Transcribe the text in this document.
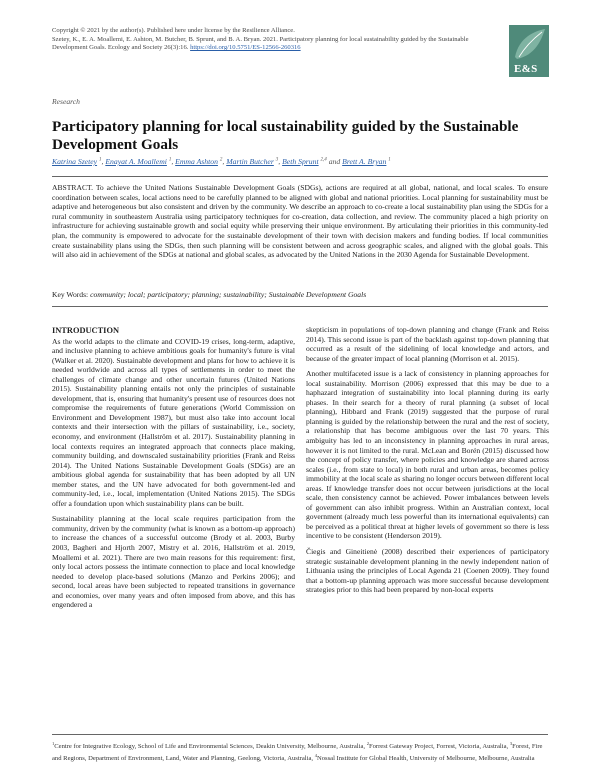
Copyright © 2021 by the author(s). Published here under license by the Resilience Alliance.
Szetey, K., E. A. Moallemi, E. Ashton, M. Butcher, B. Sprunt, and B. A. Bryan. 2021. Participatory planning for local sustainability guided by the Sustainable Development Goals. Ecology and Society 26(3):16. https://doi.org/10.5751/ES-12566-260316
E&S
Research
Participatory planning for local sustainability guided by the Sustainable Development Goals
Katrina Szetey $^1$, Enayat A. Moallemi $^1$, Emma Ashton $^2$, Martin Butcher $^3$, Beth Sprunt $^{2,4}$ and Brett A. Bryan $^1$

ABSTRACT. To achieve the United Nations Sustainable Development Goals (SDGs), actions are required at all global, national, and local scales. To ensure coordination between scales, local actions need to be carefully planned to be aligned with global and national priorities. Local planning for sustainability must be adaptive and heterogeneous but also consistent and driven by the community. We describe an approach to co-create a local sustainability plan using the SDGs for a rural community in southeastern Australia using participatory techniques for co-creation, data collection, and review. The community placed a high priority on infrastructure for achieving sustainable growth and social equity while preserving their unique environment. By articulating their priorities in this community-led plan, the community is empowered to advocate for the sustainable development of their town with decision makers and funding bodies. If local communities create sustainability plans using the SDGs, then such planning will be consistent between and across geographic scales, and aligned with the global goals. This will also aid in achievement of the SDGs at national and global scales, as advocated by the United Nations in the 2030 Agenda for Sustainable Development.

Key Words: community; local; participatory; planning; sustainability; Sustainable Development Goals
INTRODUCTION

As the world adapts to the climate and COVID-19 crises, long-term, adaptive, and inclusive planning to achieve ambitious goals for humanity's future is vital (Walker et al. 2020). Sustainable development and plans for how to achieve it is needed worldwide and across all types of settlements in order to meet the challenges of climate change and other uncertain futures (United Nations 2015). Sustainability planning entails not only the principles of sustainable development, that is, ensuring that humanity's present use of resources does not compromise the requirements of future generations (World Commission on Environment and Development 1987), but must also take into account local contexts and their intersection with the pillars of sustainability, i.e., society, economy, and environment (Hallström et al. 2017). Sustainability planning in local contexts requires an integrated approach that connects place making, community building, and downscaled sustainability priorities (Frank and Reiss 2014). The United Nations Sustainable Development Goals (SDGs) are an ambitious global agenda for sustainability that has been adopted by all UN member states, and the UN have advocated for both government-led and community-led, i.e., local, implementation (United Nations 2015). The SDGs offer a foundation upon which sustainability plans can be built.

Sustainability planning at the local scale requires participation from the community, driven by the community (what is known as a bottom-up approach) to increase the chances of a successful outcome (Brody et al. 2003, Burby 2003, Bagheri and Hjorth 2007, Mistry et al. 2016, Hallström et al. 2019, Moallemi et al. 2021). There are two main reasons for this requirement: first, only local actors possess the intimate connection to place and local knowledge needed to develop place-based solutions (Manzo and Perkins 2006); and second, local areas have been subjected to repeated transitions in governance and economies, over many years and often imposed from above, and this has engendered a

skepticism in populations of top-down planning and change (Frank and Reiss 2014). This second issue is part of the backlash against top-down planning that occurred as a result of the sidelining of local knowledge and actors, and because of the greater impact of local planning (Morrison et al. 2015).

Another multifaceted issue is a lack of consistency in planning approaches for local sustainability. Morrison (2006) expressed that this may be due to a haphazard integration of sustainability into local planning during its early phases. In their search for a theory of rural planning (a subset of local planning), Hibbard and Frank (2019) suggested that the purpose of rural planning is guided by the relationship between the rural and the rest of society, a relationship that has become ambiguous over the last 70 years. This ambiguity has led to an inconsistency in planning approaches in rural areas, however it is not limited to the rural. McLean and Borén (2015) discussed how the concept of policy transfer, where policies and knowledge are shared across scales (i.e., from state to local) in both rural and urban areas, becomes policy immobility at the local scale as sharing no longer occurs between different local areas. If knowledge transfer does not occur between jurisdictions at the local scale, then consistency cannot be achieved. Power imbalances between levels of government can also inhibit progress. Within an Australian context, local government (already much less powerful than its international equivalents) can be perceived as a political threat at higher levels of government so there is less incentive to be consistent (Henderson 2019).

Čiegis and Gineitienė (2008) described their experiences of participatory strategic sustainable development planning in the newly independent nation of Lithuania using the principles of Local Agenda 21 (Coenen 2009). They found that a bottom-up planning approach was more successful because development strategies prior to this had been prepared by non-local experts

$^1$Centre for Integrative Ecology, School of Life and Environmental Sciences, Deakin University, Melbourne, Australia, $^2$Forrest Gateway Project, Forrest, Victoria, Australia, $^3$Forest, Fire and Regions, Department of Environment, Land, Water and Planning, Geelong, Victoria, Australia, $^4$Nossal Institute for Global Health, University of Melbourne, Melbourne, Australia
